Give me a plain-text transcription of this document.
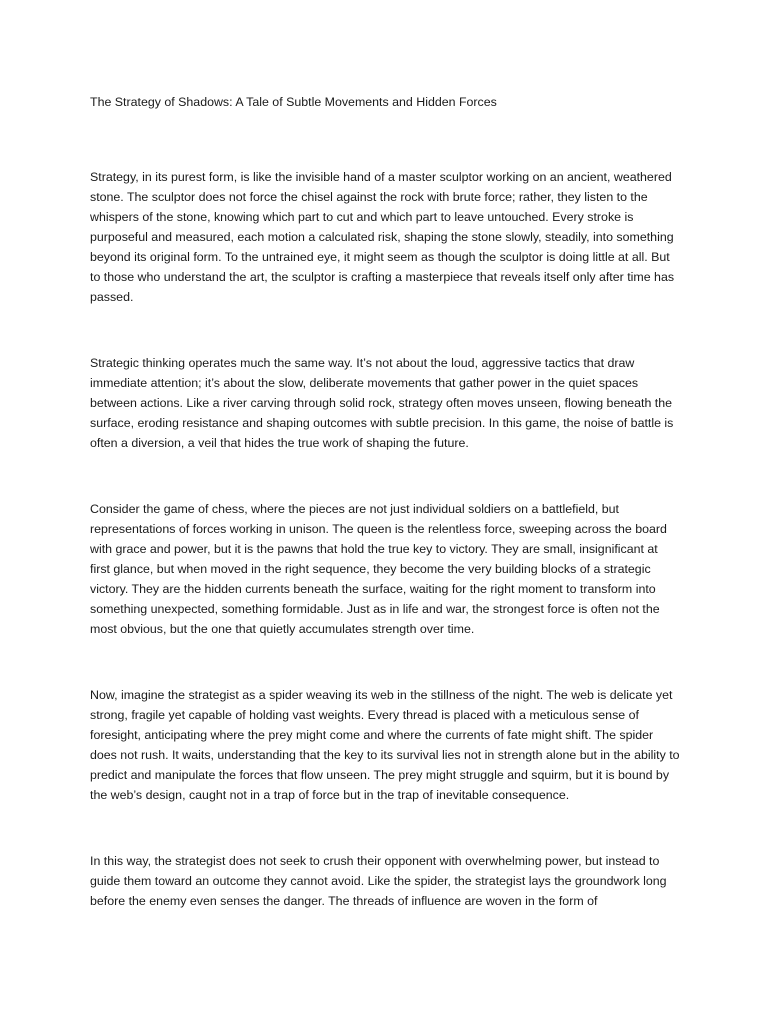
The Strategy of Shadows: A Tale of Subtle Movements and Hidden Forces

Strategy, in its purest form, is like the invisible hand of a master sculptor working on an ancient, weathered stone. The sculptor does not force the chisel against the rock with brute force; rather, they listen to the whispers of the stone, knowing which part to cut and which part to leave untouched. Every stroke is purposeful and measured, each motion a calculated risk, shaping the stone slowly, steadily, into something beyond its original form. To the untrained eye, it might seem as though the sculptor is doing little at all. But to those who understand the art, the sculptor is crafting a masterpiece that reveals itself only after time has passed.

Strategic thinking operates much the same way. It’s not about the loud, aggressive tactics that draw immediate attention; it’s about the slow, deliberate movements that gather power in the quiet spaces between actions. Like a river carving through solid rock, strategy often moves unseen, flowing beneath the surface, eroding resistance and shaping outcomes with subtle precision. In this game, the noise of battle is often a diversion, a veil that hides the true work of shaping the future.

Consider the game of chess, where the pieces are not just individual soldiers on a battlefield, but representations of forces working in unison. The queen is the relentless force, sweeping across the board with grace and power, but it is the pawns that hold the true key to victory. They are small, insignificant at first glance, but when moved in the right sequence, they become the very building blocks of a strategic victory. They are the hidden currents beneath the surface, waiting for the right moment to transform into something unexpected, something formidable. Just as in life and war, the strongest force is often not the most obvious, but the one that quietly accumulates strength over time.

Now, imagine the strategist as a spider weaving its web in the stillness of the night. The web is delicate yet strong, fragile yet capable of holding vast weights. Every thread is placed with a meticulous sense of foresight, anticipating where the prey might come and where the currents of fate might shift. The spider does not rush. It waits, understanding that the key to its survival lies not in strength alone but in the ability to predict and manipulate the forces that flow unseen. The prey might struggle and squirm, but it is bound by the web’s design, caught not in a trap of force but in the trap of inevitable consequence.

In this way, the strategist does not seek to crush their opponent with overwhelming power, but instead to guide them toward an outcome they cannot avoid. Like the spider, the strategist lays the groundwork long before the enemy even senses the danger. The threads of influence are woven in the form of
